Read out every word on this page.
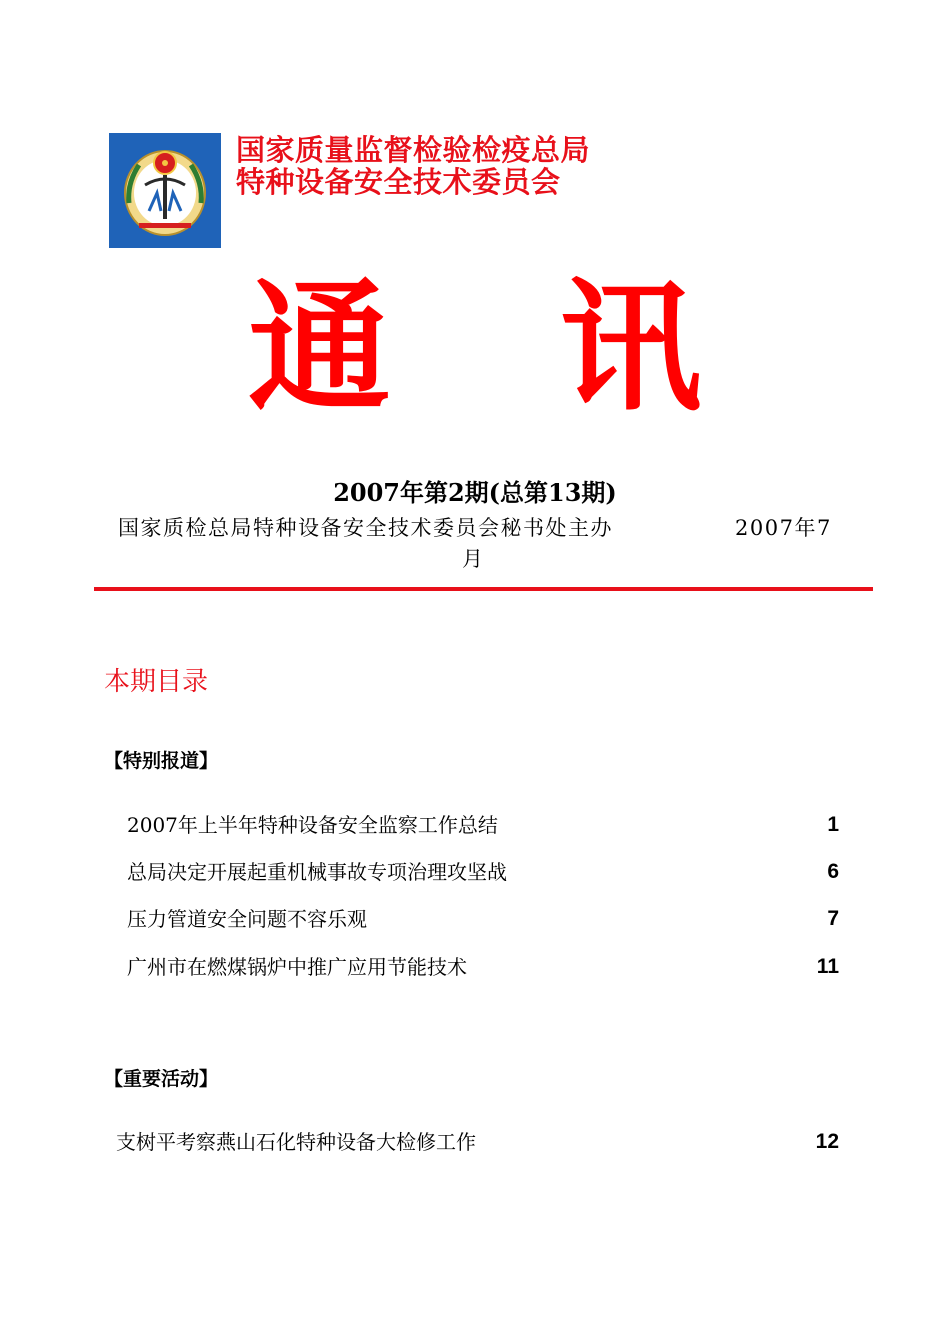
国家质量监督检验检疫总局
特种设备安全技术委员会
通 讯
2007年第2期(总第13期)
国家质检总局特种设备安全技术委员会秘书处主办	2007年7
月
本期目录
【特别报道】
2007年上半年特种设备安全监察工作总结	1
总局决定开展起重机械事故专项治理攻坚战	6
压力管道安全问题不容乐观	7
广州市在燃煤锅炉中推广应用节能技术	11
【重要活动】
支树平考察燕山石化特种设备大检修工作	12
